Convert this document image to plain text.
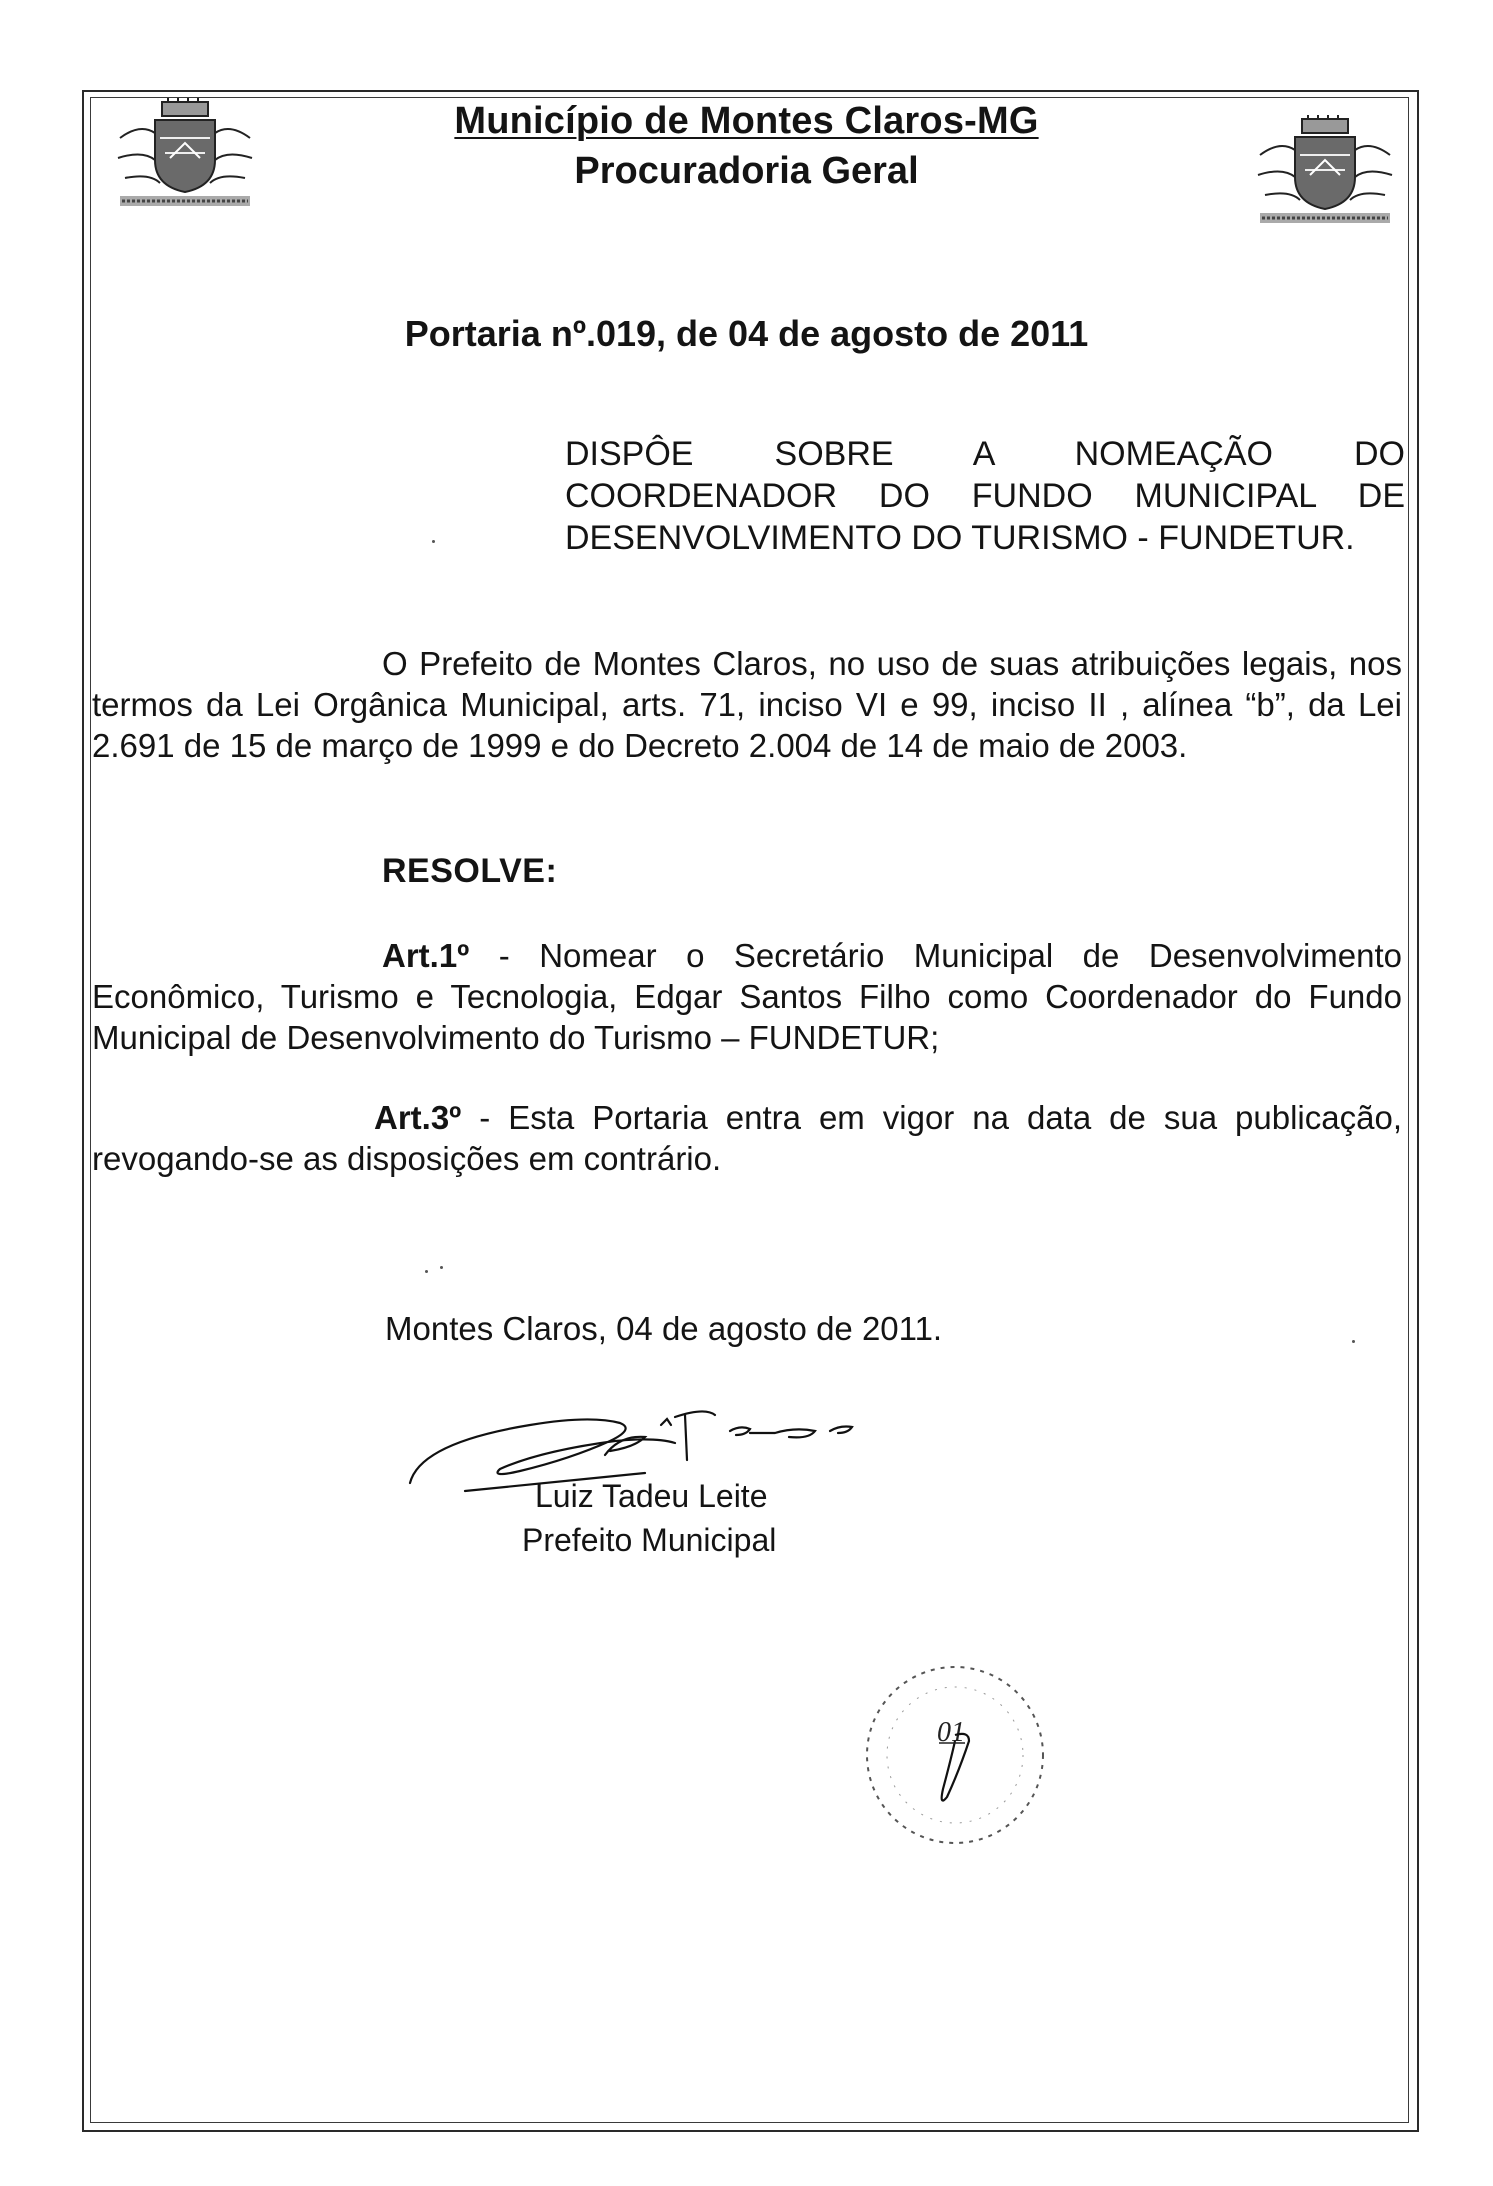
Município de Montes Claros-MG
Procuradoria Geral
Portaria nº.019, de 04 de agosto de 2011
DISPÔE SOBRE A NOMEAÇÃO DO
COORDENADOR DO FUNDO MUNICIPAL DE
DESENVOLVIMENTO DO TURISMO - FUNDETUR.

O Prefeito de Montes Claros, no uso de suas atribuições legais, nos termos da Lei Orgânica Municipal, arts. 71, inciso VI e 99, inciso II , alínea “b”, da Lei 2.691 de 15 de março de 1999 e do Decreto 2.004 de 14 de maio de 2003.

RESOLVE:

Art.1º - Nomear o Secretário Municipal de Desenvolvimento Econômico, Turismo e Tecnologia, Edgar Santos Filho como Coordenador do Fundo Municipal de Desenvolvimento do Turismo – FUNDETUR;

Art.3º - Esta Portaria entra em vigor na data de sua publicação, revogando-se as disposições em contrário.

Montes Claros, 04 de agosto de 2011.
Luiz Tadeu Leite
Prefeito Municipal
01
